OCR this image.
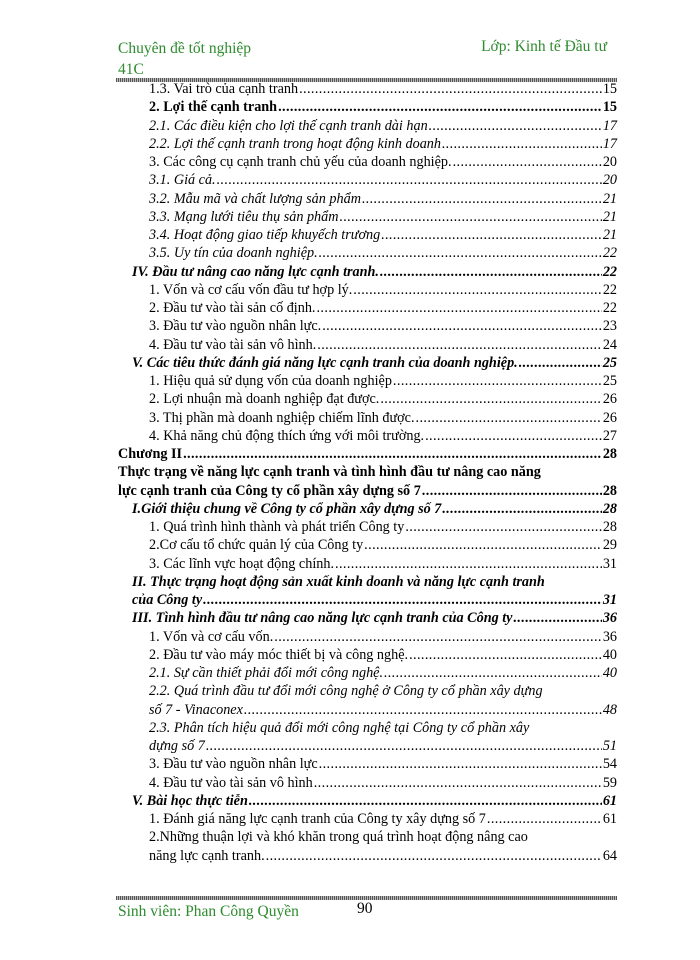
Chuyên đề tốt nghiệp
41C
Lớp: Kinh tế Đầu tư
1.3. Vai trò của cạnh tranh .....	15
2. Lợi thế cạnh tranh .....	15
2.1. Các điều kiện cho lợi thế cạnh tranh dài hạn .....	17
2.2. Lợi thế cạnh tranh trong hoạt động kinh doanh .....	17
3. Các công cụ cạnh tranh chủ yếu của doanh nghiệp. .....	20
3.1. Giá cả. .....	20
3.2. Mẫu mã và chất lượng sản phẩm .....	21
3.3. Mạng lưới tiêu thụ sản phẩm .....	21
3.4. Hoạt động giao tiếp khuyếch trương .....	21
3.5. Uy tín của doanh nghiệp. .....	22
IV. Đầu tư nâng cao năng lực cạnh tranh. .....	22
1. Vốn và cơ cấu vốn đầu tư hợp lý. .....	22
2. Đầu tư vào tài sản cố định. .....	22
3. Đầu tư vào nguồn nhân lực. .....	23
4. Đầu tư vào tài sản vô hình. .....	24
V. Các tiêu thức đánh giá năng lực cạnh tranh của doanh nghiệp. .....	25
1. Hiệu quả sử dụng vốn của doanh nghiệp .....	25
2. Lợi nhuận mà doanh nghiệp đạt được. .....	26
3. Thị phần mà doanh nghiệp chiếm lĩnh được. .....	26
4. Khả năng chủ động thích ứng với môi trường. .....	27
Chương II .....	28
Thực trạng về năng lực cạnh tranh và tình hình đầu tư nâng cao năng
lực cạnh tranh của Công ty cổ phần xây dựng số 7 .....	28
I.Giới thiệu chung về Công ty cổ phần xây dựng số 7 .....	28
1. Quá trình hình thành và phát triển Công ty .....	28
2.Cơ cấu tổ chức quản lý của Công ty .....	29
3. Các lĩnh vực hoạt động chính. .....	31
II. Thực trạng hoạt động sản xuất kinh doanh và năng lực cạnh tranh
của Công ty .....	31
III. Tình hình đầu tư nâng cao năng lực cạnh tranh của Công ty .....	36
1. Vốn và cơ cấu vốn. .....	36
2. Đầu tư vào máy móc thiết bị và công nghệ. .....	40
2.1. Sự cần thiết phải đổi mới công nghệ. .....	40
2.2. Quá trình đầu tư đổi mới công nghệ ở Công ty cổ phần xây dựng
số 7 - Vinaconex .....	48
2.3. Phân tích hiệu quả đổi mới công nghệ tại Công ty cổ phần xây
dựng số 7 .....	51
3. Đầu tư vào nguồn nhân lực .....	54
4. Đầu tư vào tài sản vô hình .....	59
V. Bài học thực tiễn .....	61
1. Đánh giá năng lực cạnh tranh của Công ty xây dựng số 7 .....	61
2.Những thuận lợi và khó khăn trong quá trình hoạt động nâng cao
năng lực cạnh tranh. .....	64
Sinh viên: Phan Công Quyền	90
